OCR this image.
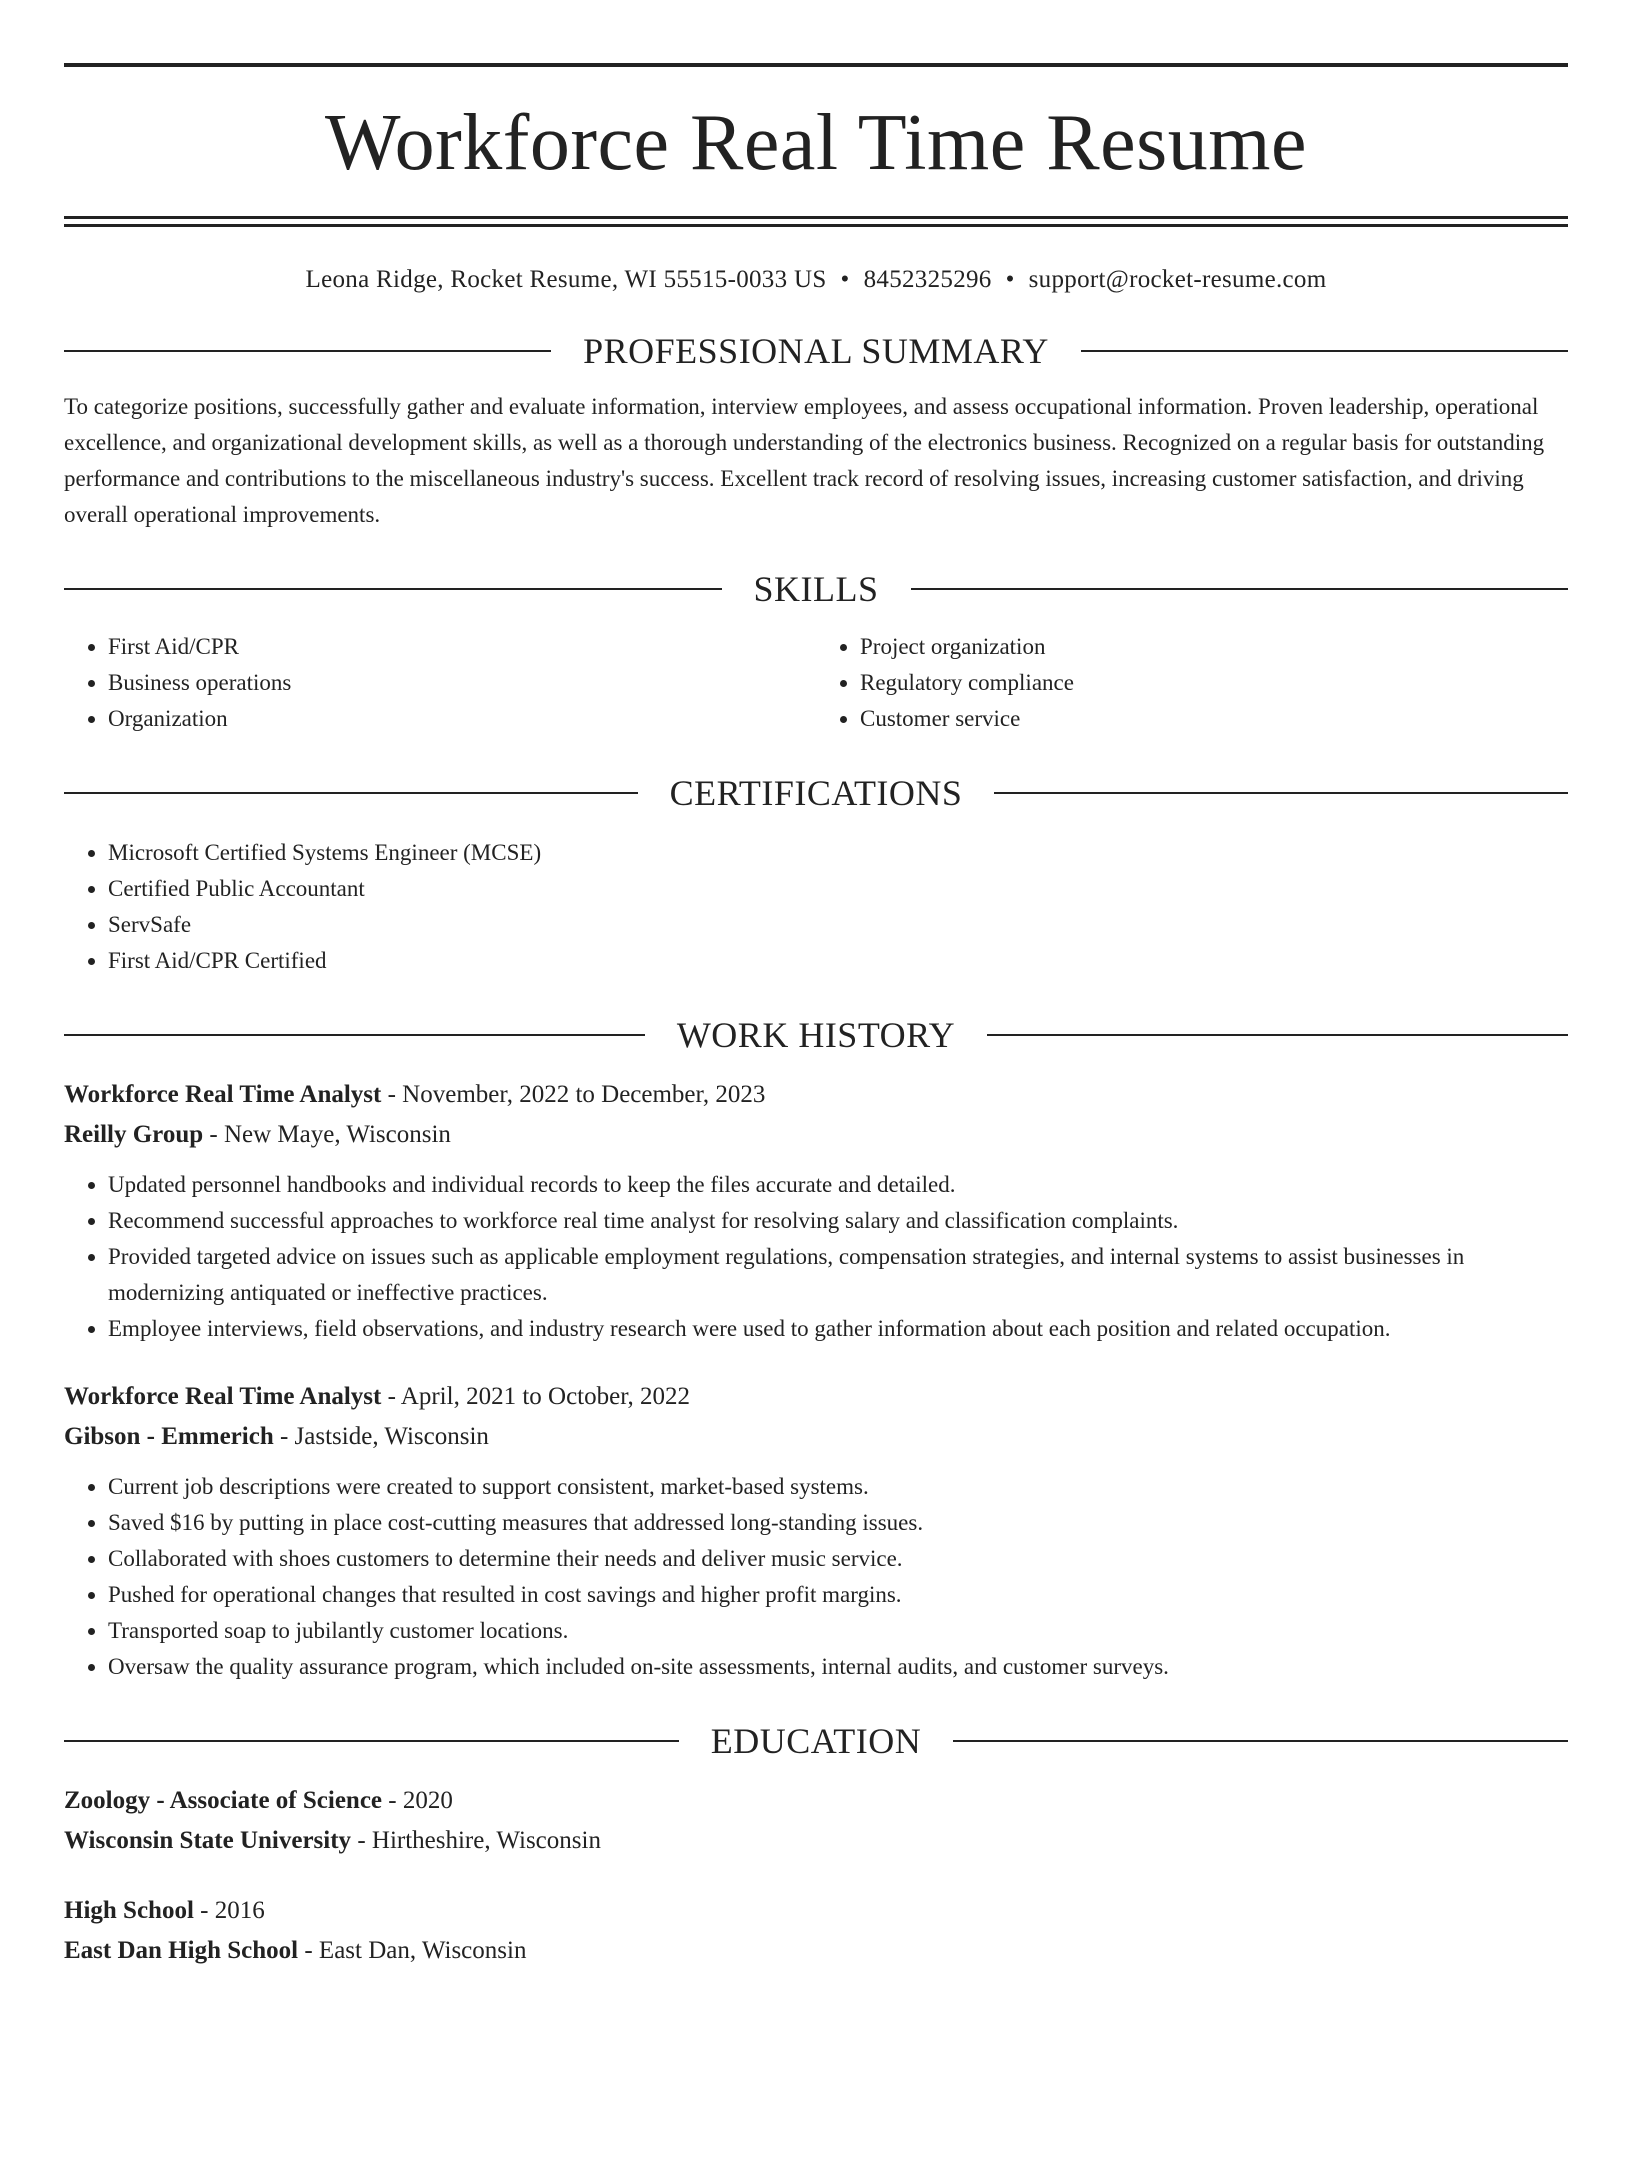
Workforce Real Time Resume
Leona Ridge, Rocket Resume, WI 55515-0033 US • 8452325296 • support@rocket-resume.com
PROFESSIONAL SUMMARY
To categorize positions, successfully gather and evaluate information, interview employees, and assess occupational information. Proven leadership, operational excellence, and organizational development skills, as well as a thorough understanding of the electronics business. Recognized on a regular basis for outstanding performance and contributions to the miscellaneous industry's success. Excellent track record of resolving issues, increasing customer satisfaction, and driving overall operational improvements.
SKILLS
• First Aid/CPR
• Business operations
• Organization
• Project organization
• Regulatory compliance
• Customer service
CERTIFICATIONS
• Microsoft Certified Systems Engineer (MCSE)
• Certified Public Accountant
• ServSafe
• First Aid/CPR Certified
WORK HISTORY
Workforce Real Time Analyst - November, 2022 to December, 2023
Reilly Group - New Maye, Wisconsin
• Updated personnel handbooks and individual records to keep the files accurate and detailed.
• Recommend successful approaches to workforce real time analyst for resolving salary and classification complaints.
• Provided targeted advice on issues such as applicable employment regulations, compensation strategies, and internal systems to assist businesses in modernizing antiquated or ineffective practices.
• Employee interviews, field observations, and industry research were used to gather information about each position and related occupation.
Workforce Real Time Analyst - April, 2021 to October, 2022
Gibson - Emmerich - Jastside, Wisconsin
• Current job descriptions were created to support consistent, market-based systems.
• Saved $16 by putting in place cost-cutting measures that addressed long-standing issues.
• Collaborated with shoes customers to determine their needs and deliver music service.
• Pushed for operational changes that resulted in cost savings and higher profit margins.
• Transported soap to jubilantly customer locations.
• Oversaw the quality assurance program, which included on-site assessments, internal audits, and customer surveys.
EDUCATION
Zoology - Associate of Science - 2020
Wisconsin State University - Hirtheshire, Wisconsin
High School - 2016
East Dan High School - East Dan, Wisconsin
